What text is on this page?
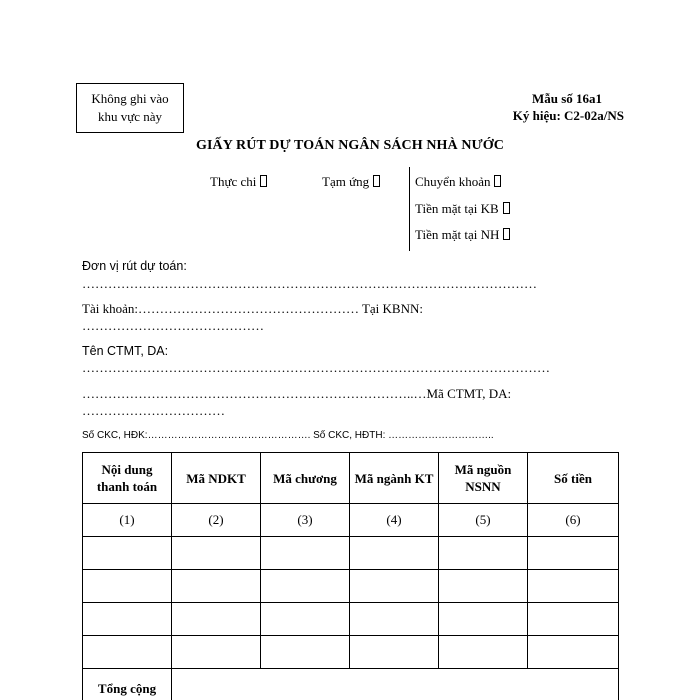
Không ghi vào
khu vực này
Mẫu số 16a1
Ký hiệu: C2-02a/NS
GIẤY RÚT DỰ TOÁN NGÂN SÁCH NHÀ NƯỚC
Thực chi	Tạm ứng	Chuyển khoản
Tiền mặt tại KB
Tiền mặt tại NH
Đơn vị rút dự toán:
……………………………………………………………………………………………
Tài khoản:…………………………………………… Tại KBNN:
……………………………………
Tên CTMT, DA:
………………………………………………………………………………………………
…………………………………………………………………..…Mã CTMT, DA:
……………………………
Số CKC, HĐK:…………………………………………. Số CKC, HĐTH: …………………………..
Nội dung thanh toán	Mã NDKT	Mã chương	Mã ngành KT	Mã nguồn NSNN	Số tiền
(1)	(2)	(3)	(4)	(5)	(6)

Tổng cộng					
